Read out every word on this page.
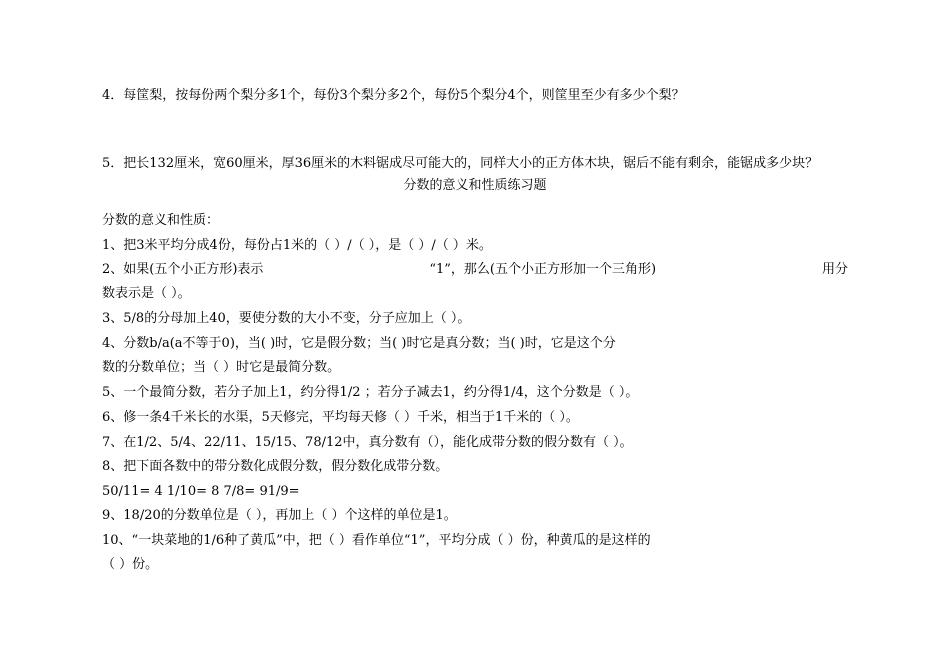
4．每筐梨，按每份两个梨分多1个，每份3个梨分多2个，每份5个梨分4个，则筐里至少有多少个梨？
5．把长132厘米，宽60厘米，厚36厘米的木料锯成尽可能大的，同样大小的正方体木块，锯后不能有剩余，能锯成多少块？
分数的意义和性质练习题
分数的意义和性质：
1、把3米平均分成4份，每份占1米的（ ）/（ ），是（ ）/（ ）米。
2、如果(五个小正方形)表示	“1”，那么(五个小正方形加一个三角形)	用分
数表示是（ ）。
3、5/8的分母加上40，要使分数的大小不变，分子应加上（ ）。
4、分数b/a(a不等于0)，当( )时，它是假分数；当( )时它是真分数；当( )时，它是这个分
数的分数单位；当（ ）时它是最简分数。
5、一个最简分数，若分子加上1，约分得1/2 ；若分子减去1，约分得1/4，这个分数是（ ）。
6、修一条4千米长的水渠，5天修完，平均每天修（ ）千米，相当于1千米的（ ）。
7、在1/2、5/4、22/11、15/15、78/12中，真分数有（），能化成带分数的假分数有（ ）。
8、把下面各数中的带分数化成假分数，假分数化成带分数。
50/11= 4 1/10= 8 7/8= 91/9=
9、18/20的分数单位是（ ），再加上（ ）个这样的单位是1。
10、“一块菜地的1/6种了黄瓜”中，把（ ）看作单位“1”，平均分成（ ）份，种黄瓜的是这样的
（ ）份。
